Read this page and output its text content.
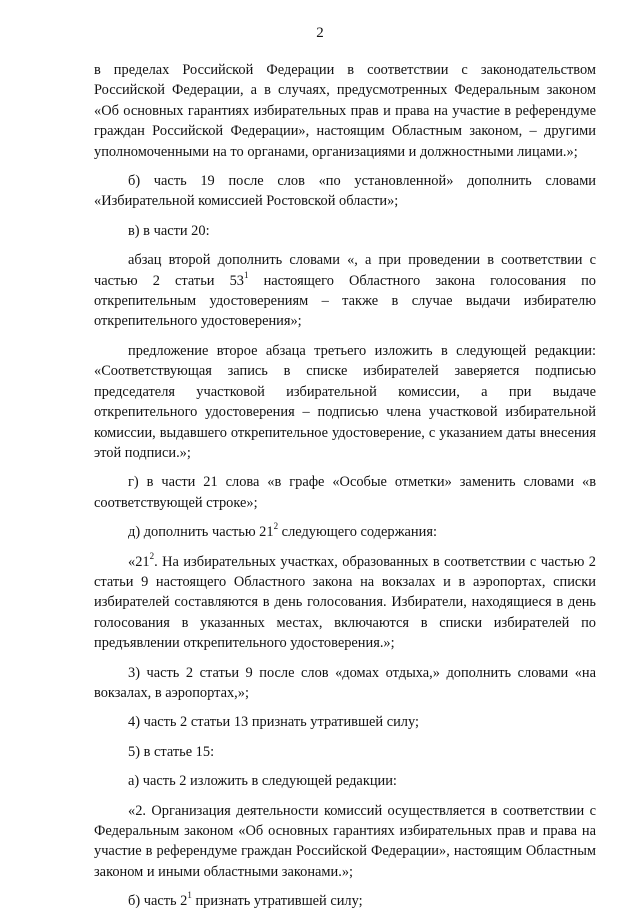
2

в пределах Российской Федерации в соответствии с законодательством Российской Федерации, а в случаях, предусмотренных Федеральным законом «Об основных гарантиях избирательных прав и права на участие в референдуме граждан Российской Федерации», настоящим Областным законом, – другими уполномоченными на то органами, организациями и должностными лицами.»;

б) часть 19 после слов «по установленной» дополнить словами «Избирательной комиссией Ростовской области»;

в) в части 20:

абзац второй дополнить словами «, а при проведении в соответствии с частью 2 статьи $53^1$ настоящего Областного закона голосования по открепительным удостоверениям – также в случае выдачи избирателю открепительного удостоверения»;

предложение второе абзаца третьего изложить в следующей редакции: «Соответствующая запись в списке избирателей заверяется подписью председателя участковой избирательной комиссии, а при выдаче открепительного удостоверения – подписью члена участковой избирательной комиссии, выдавшего открепительное удостоверение, с указанием даты внесения этой подписи.»;

г) в части 21 слова «в графе «Особые отметки» заменить словами «в соответствующей строке»;

д) дополнить частью $21^2$ следующего содержания:

«$21^2$. На избирательных участках, образованных в соответствии с частью 2 статьи 9 настоящего Областного закона на вокзалах и в аэропортах, списки избирателей составляются в день голосования. Избиратели, находящиеся в день голосования в указанных местах, включаются в списки избирателей по предъявлении открепительного удостоверения.»;

3) часть 2 статьи 9 после слов «домах отдыха,» дополнить словами «на вокзалах, в аэропортах,»;

4) часть 2 статьи 13 признать утратившей силу;

5) в статье 15:

а) часть 2 изложить в следующей редакции:

«2. Организация деятельности комиссий осуществляется в соответствии с Федеральным законом «Об основных гарантиях избирательных прав и права на участие в референдуме граждан Российской Федерации», настоящим Областным законом и иными областными законами.»;

б) часть $2^1$ признать утратившей силу;
